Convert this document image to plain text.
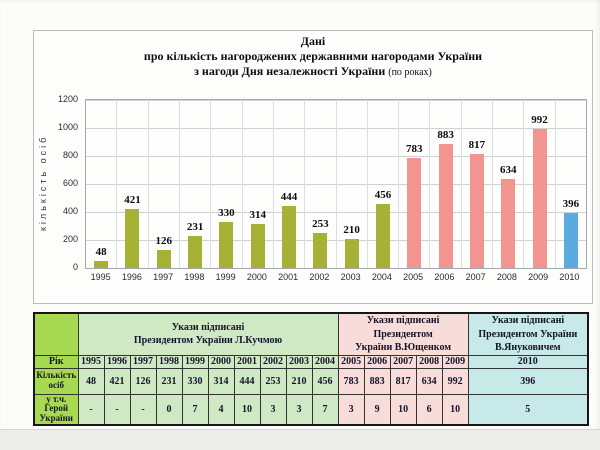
Дані
про кількість нагороджених державними нагородами України
з нагоди Дня незалежності України (по роках)
кількість осіб
0
200
400
600
800
1000
1200
48
421
126
231
330 314
444
253 210
456
783
883
817
634
992
396
1995	1996	1997	1998	1999	2000	2001	2002	2003	2004	2005	2006	2007	2008	2009	2010

Укази підписані
Президентом України Л.Кучмою

Укази підписані Президентом
України В.Ющенком

Укази підписані
Президентом України
В.Януковичем

Рік	1995	1996	1997	1998	1999	2000	2001	2002	2003	2004	2005	2006	2007	2008	2009	2010

Кількість
осіб	48	421	126	231	330	314	444	253	210	456	783	883	817	634	992	396

у т.ч.
Герой
України	-	-	-	0	7	4	10	3	3	7	3	9	10	6	10	5
